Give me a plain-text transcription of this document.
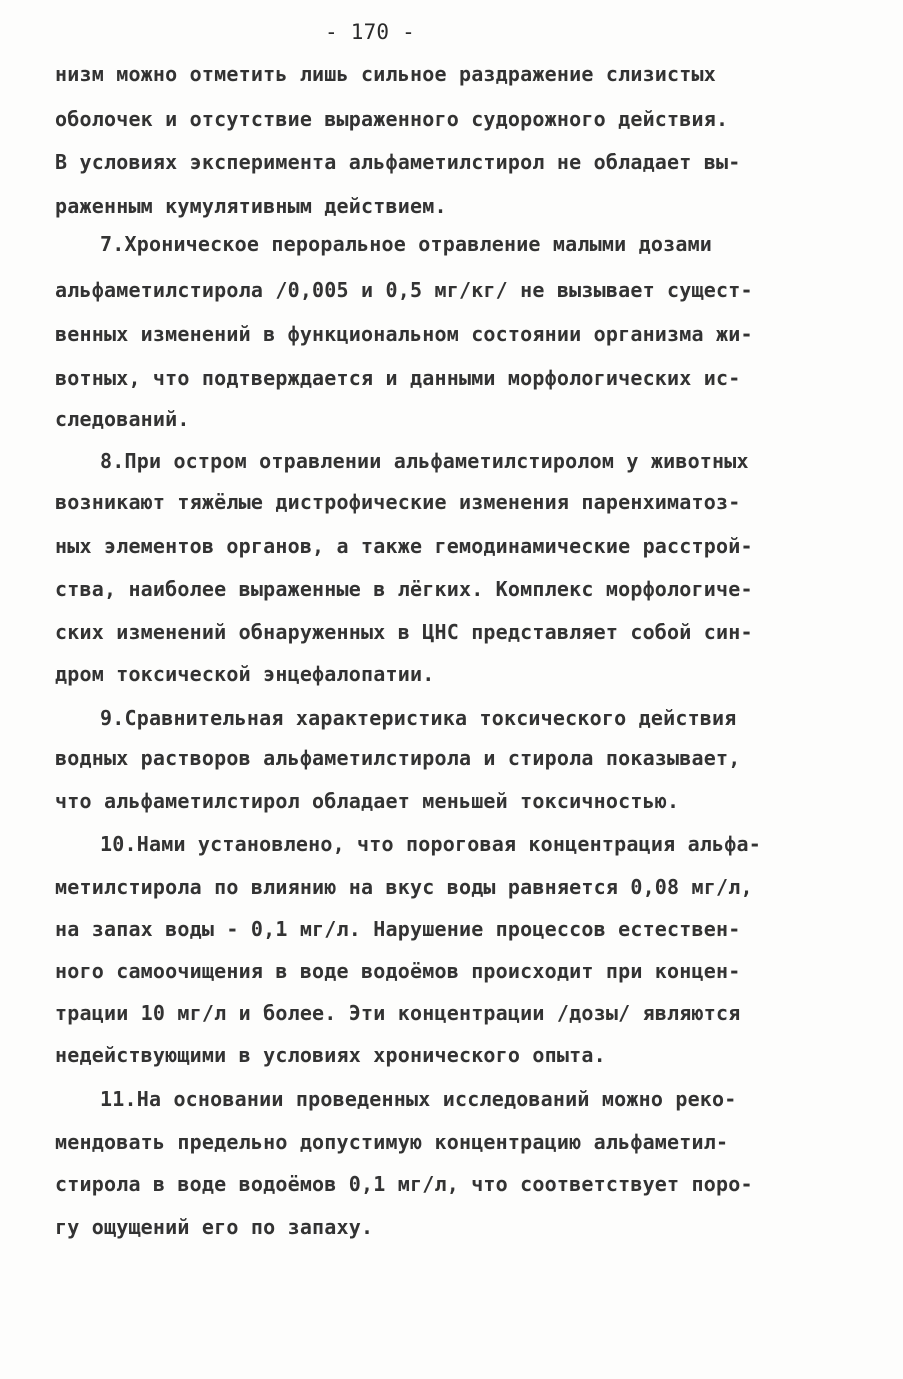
- 170 -
низм можно отметить лишь сильное раздражение слизистых
оболочек и отсутствие выраженного судорожного действия.
В условиях эксперимента альфаметилстирол не обладает вы-
раженным кумулятивным действием.
7.Хроническое пероральное отравление малыми дозами
альфаметилстирола /0,005 и 0,5 мг/кг/ не вызывает сущест-
венных изменений в функциональном состоянии организма жи-
вотных, что подтверждается и данными морфологических ис-
следований.
8.При остром отравлении альфаметилстиролом у животных
возникают тяжёлые дистрофические изменения паренхиматоз-
ных элементов органов, а также гемодинамические расстрой-
ства, наиболее выраженные в лёгких. Комплекс морфологиче-
ских изменений обнаруженных в ЦНС представляет собой син-
дром токсической энцефалопатии.
9.Сравнительная характеристика токсического действия
водных растворов альфаметилстирола и стирола показывает,
что альфаметилстирол обладает меньшей токсичностью.
10.Нами установлено, что пороговая концентрация альфа-
метилстирола по влиянию на вкус воды равняется 0,08 мг/л,
на запах воды - 0,1 мг/л. Нарушение процессов естествен-
ного самоочищения в воде водоёмов происходит при концен-
трации 10 мг/л и более. Эти концентрации /дозы/ являются
недействующими в условиях хронического опыта.
11.На основании проведенных исследований можно реко-
мендовать предельно допустимую концентрацию альфаметил-
стирола в воде водоёмов 0,1 мг/л, что соответствует поро-
гу ощущений его по запаху.
